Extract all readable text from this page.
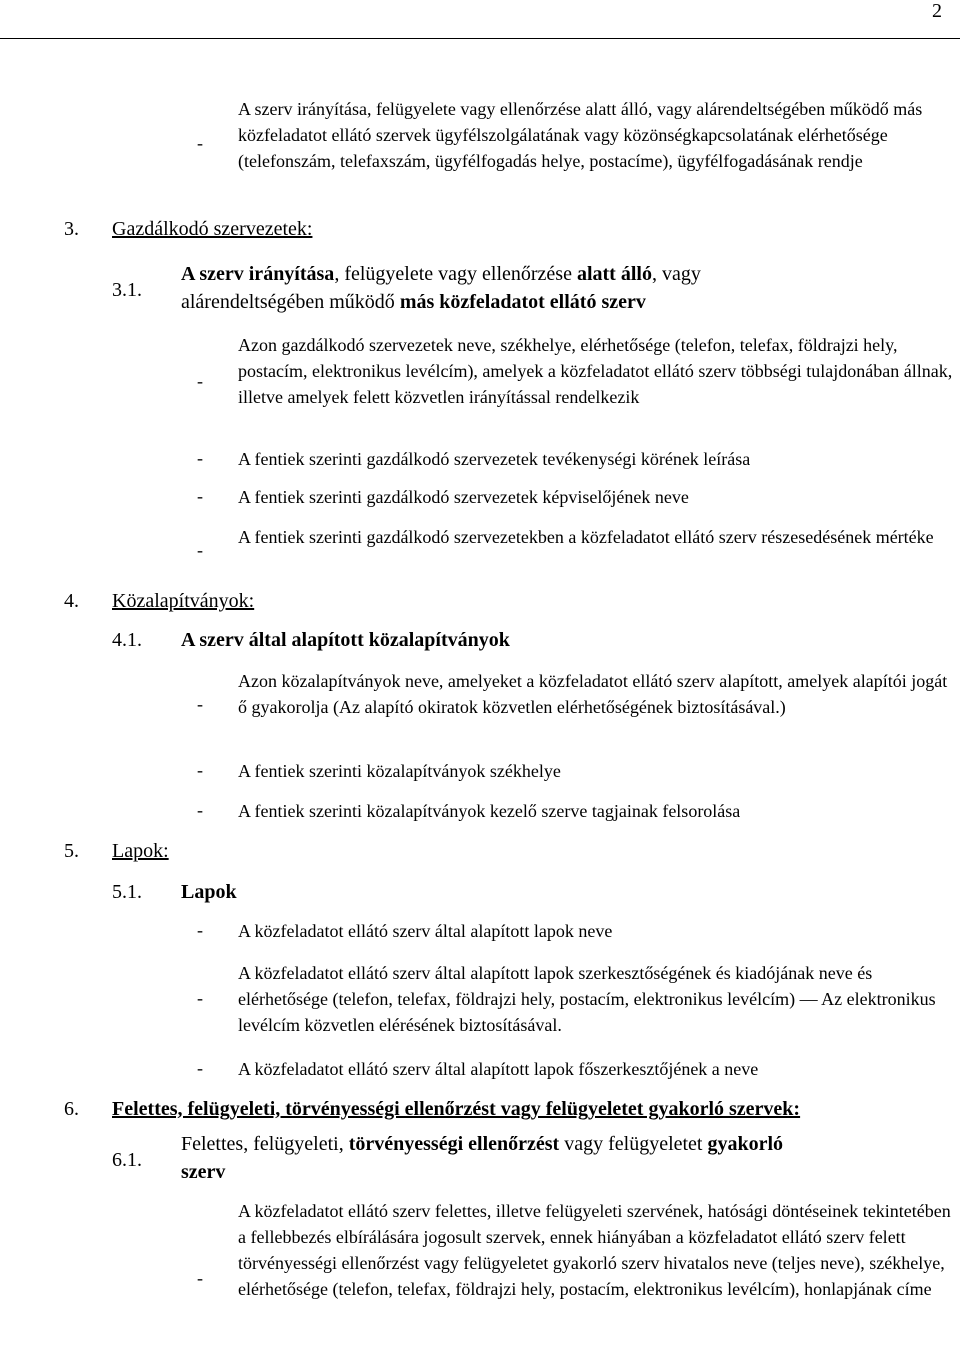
2
-
A szerv irányítása, felügyelete vagy ellenőrzése alatt álló, vagy alárendeltségében működő más közfeladatot ellátó szervek ügyfélszolgálatának vagy közönségkapcsolatának elérhetősége (telefonszám, telefaxszám, ügyfélfogadás helye, postacíme), ügyfélfogadásának rendje
3. Gazdálkodó szervezetek:
3.1.
A szerv irányítása, felügyelete vagy ellenőrzése alatt álló, vagy
alárendeltségében működő más közfeladatot ellátó szerv
-
Azon gazdálkodó szervezetek neve, székhelye, elérhetősége (telefon, telefax, földrajzi hely, postacím, elektronikus levélcím), amelyek a közfeladatot ellátó szerv többségi tulajdonában állnak, illetve amelyek felett közvetlen irányítással rendelkezik
- A fentiek szerinti gazdálkodó szervezetek tevékenységi körének leírása
- A fentiek szerinti gazdálkodó szervezetek képviselőjének neve
-
A fentiek szerinti gazdálkodó szervezetekben a közfeladatot ellátó szerv részesedésének mértéke
4. Közalapítványok:
4.1. A szerv által alapított közalapítványok
-
Azon közalapítványok neve, amelyeket a közfeladatot ellátó szerv alapított, amelyek alapítói jogát ő gyakorolja (Az alapító okiratok közvetlen elérhetőségének biztosításával.)
- A fentiek szerinti közalapítványok székhelye
- A fentiek szerinti közalapítványok kezelő szerve tagjainak felsorolása
5. Lapok:
5.1. Lapok
- A közfeladatot ellátó szerv által alapított lapok neve
-
A közfeladatot ellátó szerv által alapított lapok szerkesztőségének és kiadójának neve és elérhetősége (telefon, telefax, földrajzi hely, postacím, elektronikus levélcím) ― Az elektronikus levélcím közvetlen elérésének biztosításával.
- A közfeladatot ellátó szerv által alapított lapok főszerkesztőjének a neve
6. Felettes, felügyeleti, törvényességi ellenőrzést vagy felügyeletet gyakorló szervek:
6.1.
Felettes, felügyeleti, törvényességi ellenőrzést vagy felügyeletet gyakorló
szerv
-
A közfeladatot ellátó szerv felettes, illetve felügyeleti szervének, hatósági döntéseinek tekintetében a fellebbezés elbírálására jogosult szervek, ennek hiányában a közfeladatot ellátó szerv felett törvényességi ellenőrzést vagy felügyeletet gyakorló szerv hivatalos neve (teljes neve), székhelye, elérhetősége (telefon, telefax, földrajzi hely, postacím, elektronikus levélcím), honlapjának címe
